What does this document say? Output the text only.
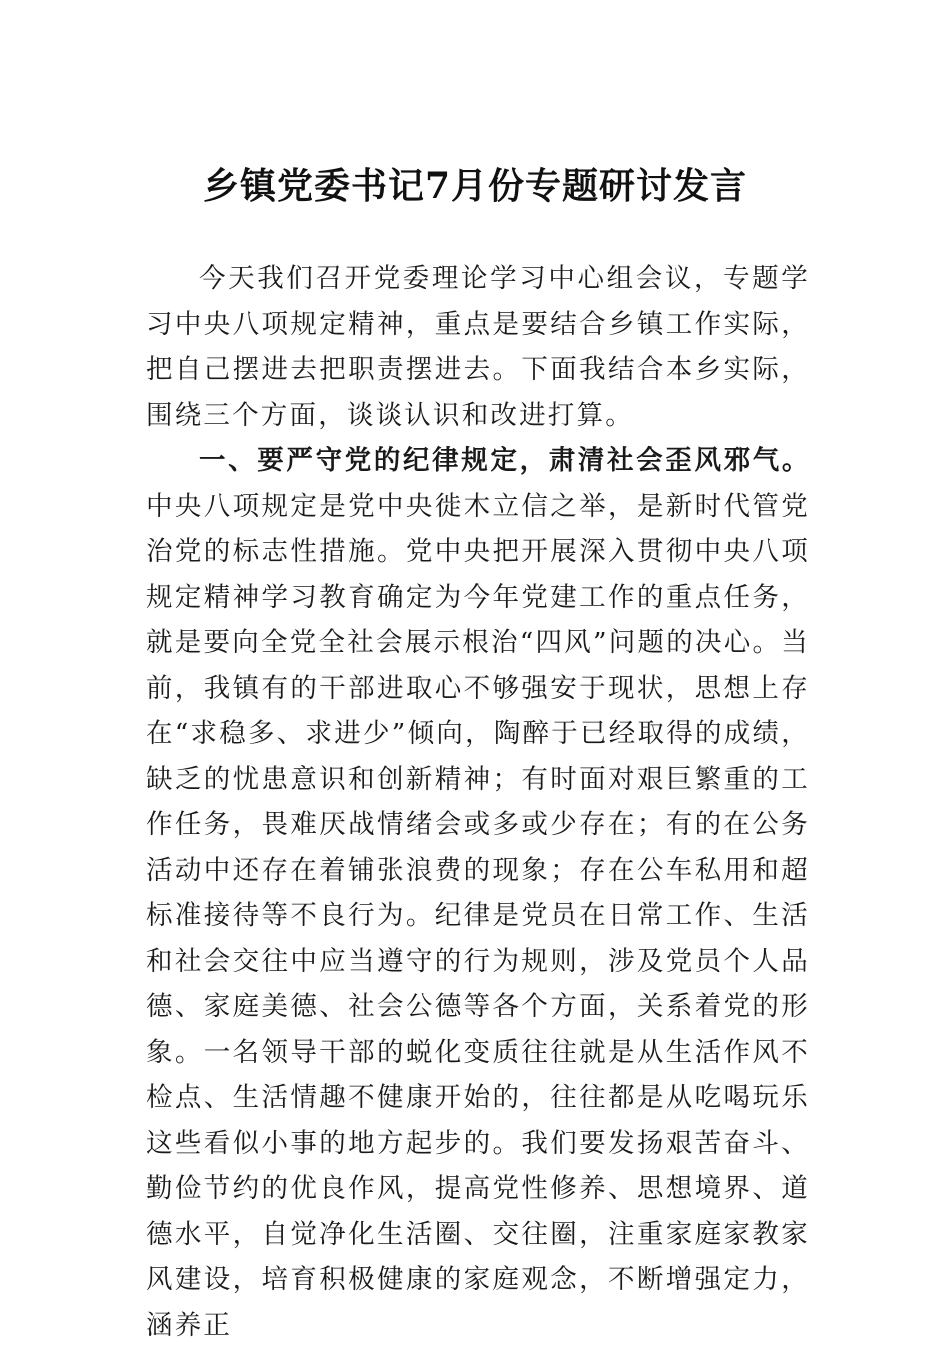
乡镇党委书记7月份专题研讨发言

今天我们召开党委理论学习中心组会议，专题学习中央八项规定精神，重点是要结合乡镇工作实际，把自己摆进去把职责摆进去。下面我结合本乡实际，围绕三个方面，谈谈认识和改进打算。

一、要严守党的纪律规定，肃清社会歪风邪气。中央八项规定是党中央徙木立信之举，是新时代管党治党的标志性措施。党中央把开展深入贯彻中央八项规定精神学习教育确定为今年党建工作的重点任务，就是要向全党全社会展示根治“四风”问题的决心。当前，我镇有的干部进取心不够强安于现状，思想上存在“求稳多、求进少”倾向，陶醉于已经取得的成绩，缺乏的忧患意识和创新精神；有时面对艰巨繁重的工作任务，畏难厌战情绪会或多或少存在；有的在公务活动中还存在着铺张浪费的现象；存在公车私用和超标准接待等不良行为。纪律是党员在日常工作、生活和社会交往中应当遵守的行为规则，涉及党员个人品德、家庭美德、社会公德等各个方面，关系着党的形象。一名领导干部的蜕化变质往往就是从生活作风不检点、生活情趣不健康开始的，往往都是从吃喝玩乐这些看似小事的地方起步的。我们要发扬艰苦奋斗、勤俭节约的优良作风，提高党性修养、思想境界、道德水平，自觉净化生活圈、交往圈，注重家庭家教家风建设，培育积极健康的家庭观念，不断增强定力，涵养正
